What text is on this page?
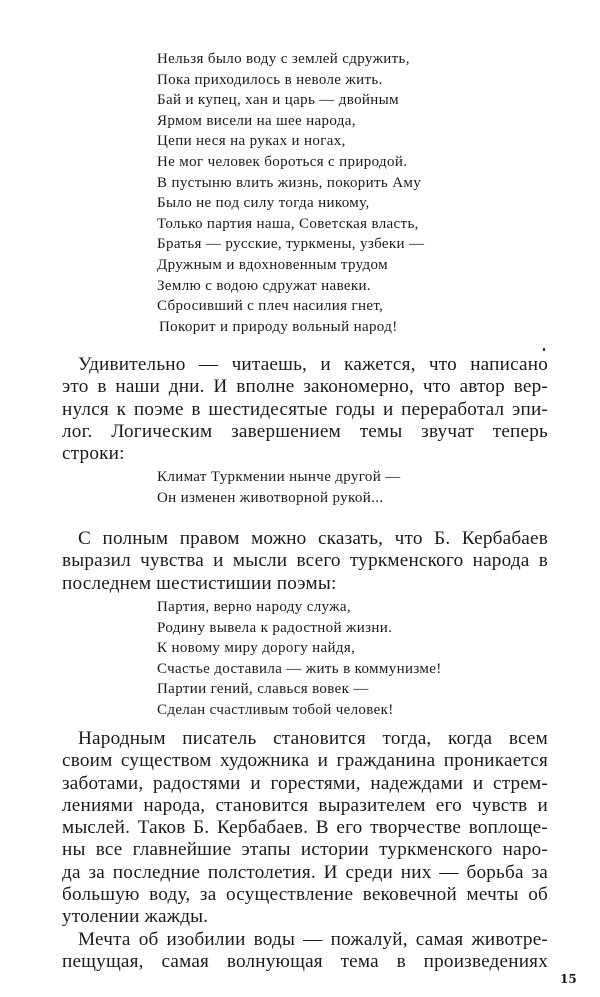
Нельзя было воду с землей сдружить,
Пока приходилось в неволе жить.
Бай и купец, хан и царь — двойным
Ярмом висели на шее народа,
Цепи неся на руках и ногах,
Не мог человек бороться с природой.
В пустыню влить жизнь, покорить Аму
Было не под силу тогда никому,
Только партия наша, Советская власть,
Братья — русские, туркмены, узбеки —
Дружным и вдохновенным трудом
Землю с водою сдружат навеки.
Сбросивший с плеч насилия гнет,
Покорит и природу вольный народ!
Удивительно — читаешь, и кажется, что написано
это в наши дни. И вполне закономерно, что автор вер-
нулся к поэме в шестидесятые годы и переработал эпи-
лог. Логическим завершением темы звучат теперь
строки:
Климат Туркмении нынче другой —
Он изменен животворной рукой...
С полным правом можно сказать, что Б. Кербабаев
выразил чувства и мысли всего туркменского народа в
последнем шестистишии поэмы:
Партия, верно народу служа,
Родину вывела к радостной жизни.
К новому миру дорогу найдя,
Счастье доставила — жить в коммунизме!
Партии гений, славься вовек —
Сделан счастливым тобой человек!
Народным писатель становится тогда, когда всем
своим существом художника и гражданина проникается
заботами, радостями и горестями, надеждами и стрем-
лениями народа, становится выразителем его чувств и
мыслей. Таков Б. Кербабаев. В его творчестве воплоще-
ны все главнейшие этапы истории туркменского наро-
да за последние полстолетия. И среди них — борьба за
большую воду, за осуществление вековечной мечты об
утолении жажды.
Мечта об изобилии воды — пожалуй, самая животре-
пещущая, самая волнующая тема в произведениях
15
